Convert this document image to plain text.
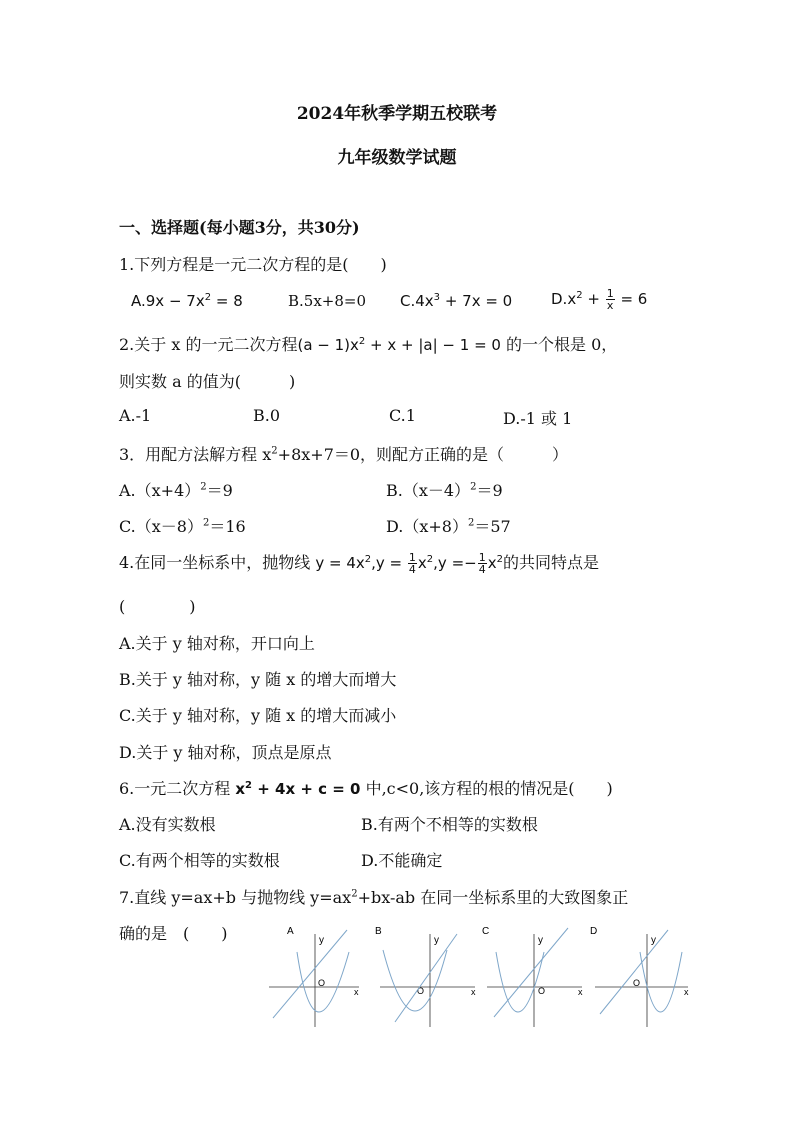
2024年秋季学期五校联考
九年级数学试题
一、选择题(每小题3分，共30分)
1.下列方程是一元二次方程的是(　　)
$A.9x - 7x^2 = 8$	B.5x+8=0 $C.4x^3 + 7x = 0$	$D.x^2 + \frac{1}{x} = 6$
2.关于 x 的一元二次方程$(a - 1)x^2 + x + |a| - 1 = 0$ 的一个根是 0，
则实数 a 的值为(　　　)
A.-1	B.0	C.1	D.-1 或 1
3．用配方法解方程 $x^2+8x+7=0$，则配方正确的是（　　　）
$A.(x+4)^2=9$	$B.(x-4)^2=9$
$C.(x-8)^2=16$	$D.(x+8)^2=57$
4.在同一坐标系中，抛物线 $y = 4x^2,y = \frac{1}{4} x^2,y =- \frac{1}{4} x^2$的共同特点是
(　　　　)
A.关于 y 轴对称，开口向上
B.关于 y 轴对称，y 随 x 的增大而增大
C.关于 y 轴对称，y 随 x 的增大而减小
D.关于 y 轴对称，顶点是原点
6.一元二次方程 $x^2 + 4x + c = 0$ 中,c<0,该方程的根的情况是(　　)
A.没有实数根	B.有两个不相等的实数根
C.有两个相等的实数根	D.不能确定
7.直线 y=ax+b 与抛物线 $y=ax^2+bx-ab$ 在同一坐标系里的大致图象正
确的是　(　　)	A
y
x
O
B
y
x
O
C
y
x
O
D
y
x
O
